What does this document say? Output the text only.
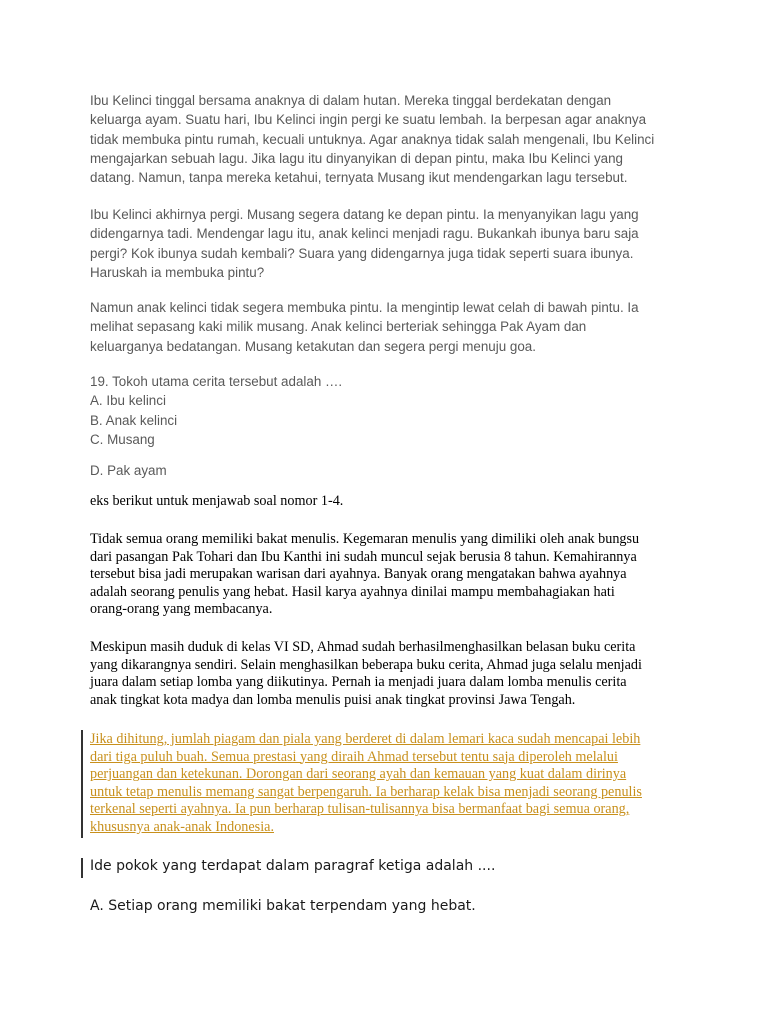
Ibu Kelinci tinggal bersama anaknya di dalam hutan. Mereka tinggal berdekatan dengan
keluarga ayam. Suatu hari, Ibu Kelinci ingin pergi ke suatu lembah. Ia berpesan agar anaknya
tidak membuka pintu rumah, kecuali untuknya. Agar anaknya tidak salah mengenali, Ibu Kelinci
mengajarkan sebuah lagu. Jika lagu itu dinyanyikan di depan pintu, maka Ibu Kelinci yang
datang. Namun, tanpa mereka ketahui, ternyata Musang ikut mendengarkan lagu tersebut.
Ibu Kelinci akhirnya pergi. Musang segera datang ke depan pintu. Ia menyanyikan lagu yang
didengarnya tadi. Mendengar lagu itu, anak kelinci menjadi ragu. Bukankah ibunya baru saja
pergi? Kok ibunya sudah kembali? Suara yang didengarnya juga tidak seperti suara ibunya.
Haruskah ia membuka pintu?
Namun anak kelinci tidak segera membuka pintu. Ia mengintip lewat celah di bawah pintu. Ia
melihat sepasang kaki milik musang. Anak kelinci berteriak sehingga Pak Ayam dan
keluarganya bedatangan. Musang ketakutan dan segera pergi menuju goa.
19. Tokoh utama cerita tersebut adalah ….
A. Ibu kelinci
B. Anak kelinci
C. Musang
D. Pak ayam
eks berikut untuk menjawab soal nomor 1-4.
Tidak semua orang memiliki bakat menulis. Kegemaran menulis yang dimiliki oleh anak bungsu
dari pasangan Pak Tohari dan Ibu Kanthi ini sudah muncul sejak berusia 8 tahun. Kemahirannya
tersebut bisa jadi merupakan warisan dari ayahnya. Banyak orang mengatakan bahwa ayahnya
adalah seorang penulis yang hebat. Hasil karya ayahnya dinilai mampu membahagiakan hati
orang-orang yang membacanya.
Meskipun masih duduk di kelas VI SD, Ahmad sudah berhasilmenghasilkan belasan buku cerita
yang dikarangnya sendiri. Selain menghasilkan beberapa buku cerita, Ahmad juga selalu menjadi
juara dalam setiap lomba yang diikutinya. Pernah ia menjadi juara dalam lomba menulis cerita
anak tingkat kota madya dan lomba menulis puisi anak tingkat provinsi Jawa Tengah.
Jika dihitung, jumlah piagam dan piala yang berderet di dalam lemari kaca sudah mencapai lebih
dari tiga puluh buah. Semua prestasi yang diraih Ahmad tersebut tentu saja diperoleh melalui
perjuangan dan ketekunan. Dorongan dari seorang ayah dan kemauan yang kuat dalam dirinya
untuk tetap menulis memang sangat berpengaruh. Ia berharap kelak bisa menjadi seorang penulis
terkenal seperti ayahnya. Ia pun berharap tulisan-tulisannya bisa bermanfaat bagi semua orang,
khususnya anak-anak Indonesia.
Ide pokok yang terdapat dalam paragraf ketiga adalah ....
A. Setiap orang memiliki bakat terpendam yang hebat.
